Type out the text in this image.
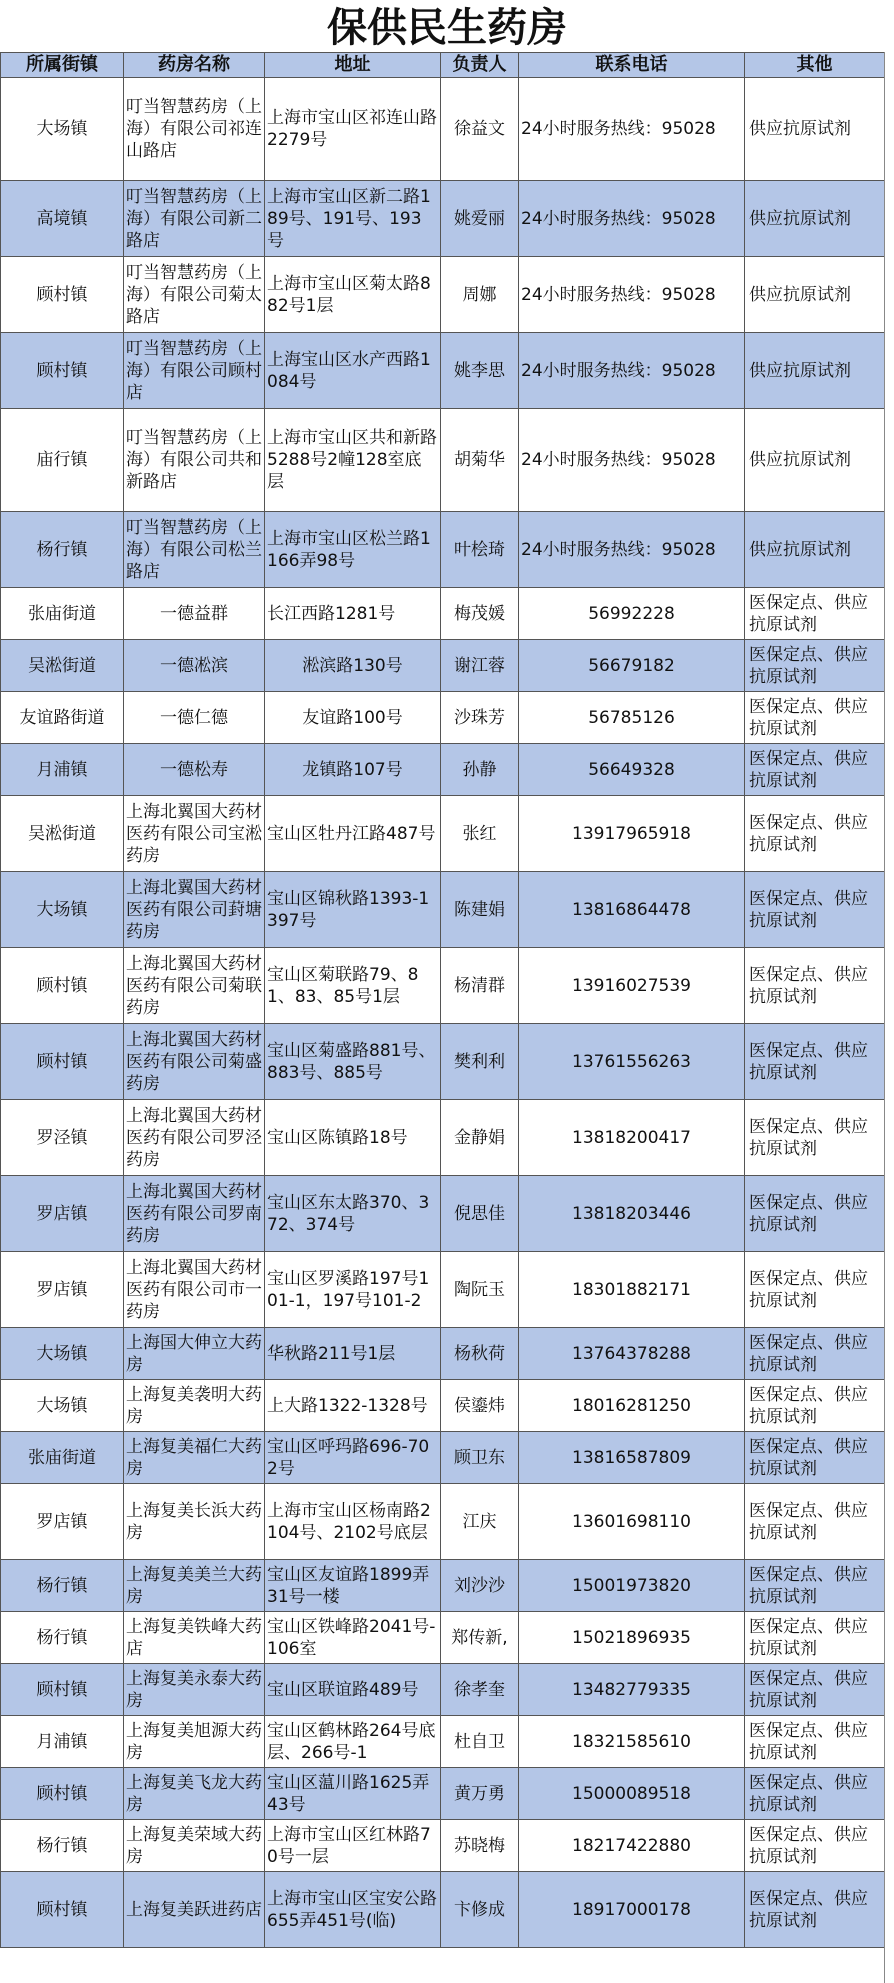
保供民生药房
所属街镇	药房名称	地址	负责人	联系电话	其他
大场镇	叮当智慧药房（上海）有限公司祁连山路店	上海市宝山区祁连山路2279号	徐益文	24小时服务热线：95028	供应抗原试剂
高境镇	叮当智慧药房（上海）有限公司新二路店	上海市宝山区新二路189号、191号、193号	姚爱丽	24小时服务热线：95028	供应抗原试剂
顾村镇	叮当智慧药房（上海）有限公司菊太路店	上海市宝山区菊太路882号1层	周娜	24小时服务热线：95028	供应抗原试剂
顾村镇	叮当智慧药房（上海）有限公司顾村店	上海宝山区水产西路1084号	姚李思	24小时服务热线：95028	供应抗原试剂
庙行镇	叮当智慧药房（上海）有限公司共和新路店	上海市宝山区共和新路5288号2幢128室底层	胡菊华	24小时服务热线：95028	供应抗原试剂
杨行镇	叮当智慧药房（上海）有限公司松兰路店	上海市宝山区松兰路1166弄98号	叶桧琦	24小时服务热线：95028	供应抗原试剂
张庙街道	一德益群	长江西路1281号	梅茂媛	56992228	医保定点、供应抗原试剂
吴淞街道	一德凇滨	淞滨路130号	谢江蓉	56679182	医保定点、供应抗原试剂
友谊路街道	一德仁德	友谊路100号	沙珠芳	56785126	医保定点、供应抗原试剂
月浦镇	一德松寿	龙镇路107号	孙静	56649328	医保定点、供应抗原试剂
吴淞街道	上海北翼国大药材医药有限公司宝淞药房	宝山区牡丹江路487号	张红	13917965918	医保定点、供应抗原试剂
大场镇	上海北翼国大药材医药有限公司葑塘药房	宝山区锦秋路1393-1397号	陈建娟	13816864478	医保定点、供应抗原试剂
顾村镇	上海北翼国大药材医药有限公司菊联药房	宝山区菊联路79、81、83、85号1层	杨清群	13916027539	医保定点、供应抗原试剂
顾村镇	上海北翼国大药材医药有限公司菊盛药房	宝山区菊盛路881号、883号、885号	樊利利	13761556263	医保定点、供应抗原试剂
罗泾镇	上海北翼国大药材医药有限公司罗泾药房	宝山区陈镇路18号	金静娟	13818200417	医保定点、供应抗原试剂
罗店镇	上海北翼国大药材医药有限公司罗南药房	宝山区东太路370、372、374号	倪思佳	13818203446	医保定点、供应抗原试剂
罗店镇	上海北翼国大药材医药有限公司市一药房	宝山区罗溪路197号101-1，197号101-2	陶阮玉	18301882171	医保定点、供应抗原试剂
大场镇	上海国大伸立大药房	华秋路211号1层	杨秋荷	13764378288	医保定点、供应抗原试剂
大场镇	上海复美袭明大药房	上大路1322-1328号	侯鎏炜	18016281250	医保定点、供应抗原试剂
张庙街道	上海复美福仁大药房	宝山区呼玛路696-702号	顾卫东	13816587809	医保定点、供应抗原试剂
罗店镇	上海复美长浜大药房	上海市宝山区杨南路2104号、2102号底层	江庆	13601698110	医保定点、供应抗原试剂
杨行镇	上海复美美兰大药房	宝山区友谊路1899弄31号一楼	刘沙沙	15001973820	医保定点、供应抗原试剂
杨行镇	上海复美铁峰大药店	宝山区铁峰路2041号-106室	郑传新,	15021896935	医保定点、供应抗原试剂
顾村镇	上海复美永泰大药房	宝山区联谊路489号	徐孝奎	13482779335	医保定点、供应抗原试剂
月浦镇	上海复美旭源大药房	宝山区鹤林路264号底层、266号-1	杜自卫	18321585610	医保定点、供应抗原试剂
顾村镇	上海复美飞龙大药房	宝山区蕰川路1625弄43号	黄万勇	15000089518	医保定点、供应抗原试剂
杨行镇	上海复美荣域大药房	上海市宝山区红林路70号一层	苏晓梅	18217422880	医保定点、供应抗原试剂
顾村镇	上海复美跃进药店	上海市宝山区宝安公路655弄451号(临)	卞修成	18917000178	医保定点、供应抗原试剂
